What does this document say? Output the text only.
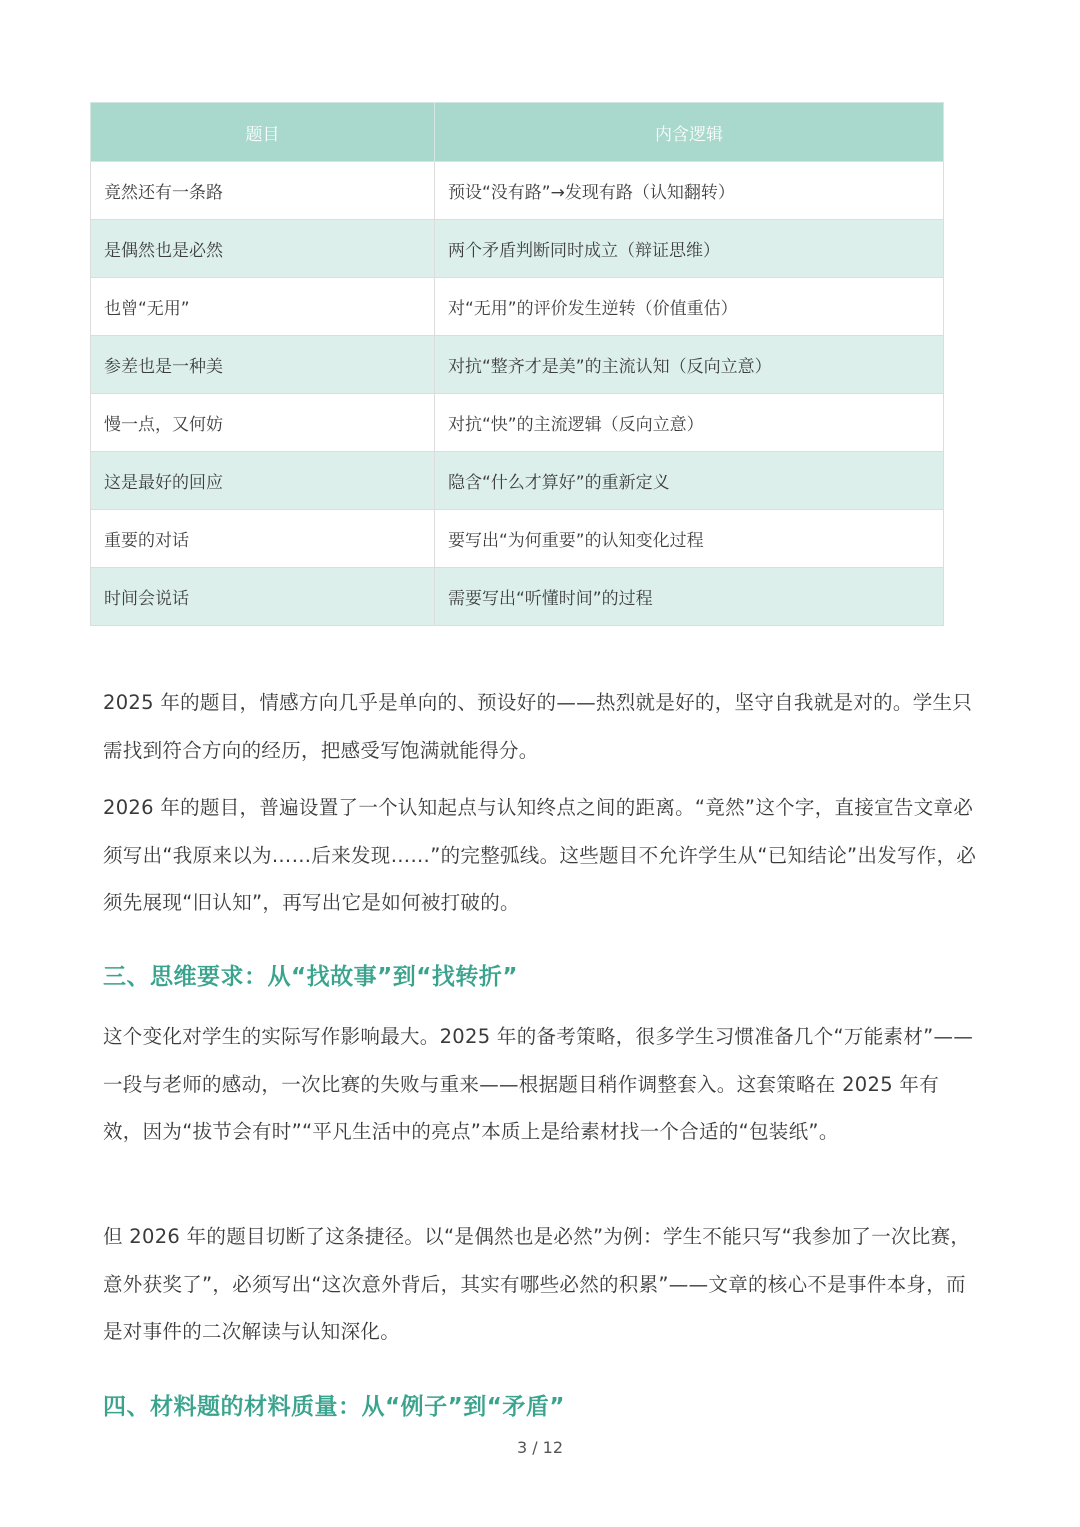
题目	内含逻辑
竟然还有一条路	预设“没有路”→发现有路（认知翻转）
是偶然也是必然	两个矛盾判断同时成立（辩证思维）
也曾“无用”	对“无用”的评价发生逆转（价值重估）
参差也是一种美	对抗“整齐才是美”的主流认知（反向立意）
慢一点，又何妨	对抗“快”的主流逻辑（反向立意）
这是最好的回应	隐含“什么才算好”的重新定义
重要的对话	要写出“为何重要”的认知变化过程
时间会说话	需要写出“听懂时间”的过程

2025 年的题目，情感方向几乎是单向的、预设好的——热烈就是好的，坚守自我就是对的。学生只需找到符合方向的经历，把感受写饱满就能得分。

2026 年的题目，普遍设置了一个认知起点与认知终点之间的距离。“竟然”这个字，直接宣告文章必须写出“我原来以为……后来发现……”的完整弧线。这些题目不允许学生从“已知结论”出发写作，必须先展现“旧认知”，再写出它是如何被打破的。

三、思维要求：从“找故事”到“找转折”

这个变化对学生的实际写作影响最大。2025 年的备考策略，很多学生习惯准备几个“万能素材”——一段与老师的感动，一次比赛的失败与重来——根据题目稍作调整套入。这套策略在 2025 年有效，因为“拔节会有时”“平凡生活中的亮点”本质上是给素材找一个合适的“包装纸”。

但 2026 年的题目切断了这条捷径。以“是偶然也是必然”为例：学生不能只写“我参加了一次比赛，意外获奖了”，必须写出“这次意外背后，其实有哪些必然的积累”——文章的核心不是事件本身，而是对事件的二次解读与认知深化。

四、材料题的材料质量：从“例子”到“矛盾”
3 / 12
